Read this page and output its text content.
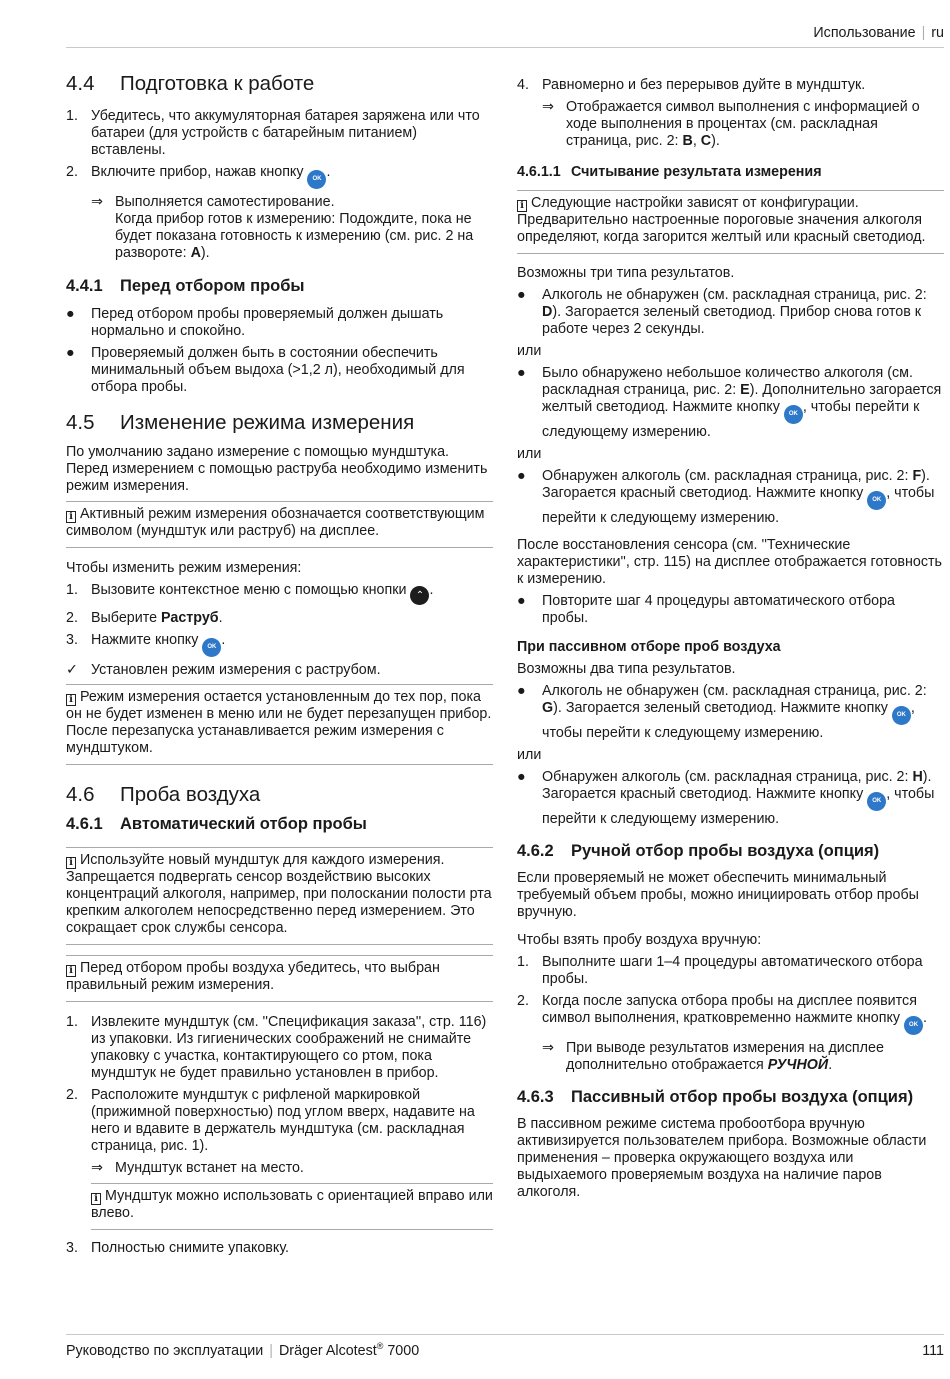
Использование | ru
4.4	Подготовка к работе
1. Убедитесь, что аккумуляторная батарея заряжена или что батареи (для устройств с батарейным питанием) вставлены.
2. Включите прибор, нажав кнопку OK .
⇒ Выполняется самотестирование.
Когда прибор готов к измерению: Подождите, пока не будет показана готовность к измерению (см. рис. 2 на развороте: A).
4.4.1	Перед отбором пробы
●	Перед отбором пробы проверяемый должен дышать нормально и спокойно.
●	Проверяемый должен быть в состоянии обеспечить минимальный объем выдоха (>1,2 л), необходимый для отбора пробы.
4.5	Изменение режима измерения

По умолчанию задано измерение с помощью мундштука. Перед измерением с помощью раструба необходимо изменить режим измерения.

i Активный режим измерения обозначается соответствующим символом (мундштук или раструб) на дисплее.

Чтобы изменить режим измерения:

1. Вызовите контекстное меню с помощью кнопки ⌃ .
2. Выберите Раструб.
3. Нажмите кнопку OK .
✓ Установлен режим измерения с раструбом.
i Режим измерения остается установленным до тех пор, пока он не будет изменен в меню или не будет перезапущен прибор. После перезапуска устанавливается режим измерения с мундштуком.
4.6	Проба воздуха
4.6.1	Автоматический отбор пробы
i Используйте новый мундштук для каждого измерения. Запрещается подвергать сенсор воздействию высоких концентраций алкоголя, например, при полоскании полости рта крепким алкоголем непосредственно перед измерением. Это сокращает срок службы сенсора.
i Перед отбором пробы воздуха убедитесь, что выбран правильный режим измерения.
1. Извлеките мундштук (см. ''Спецификация заказа'', стр. 116) из упаковки. Из гигиенических соображений не снимайте упаковку с участка, контактирующего со ртом, пока мундштук не будет правильно установлен в прибор.
2. Расположите мундштук с рифленой маркировкой (прижимной поверхностью) под углом вверх, надавите на него и вдавите в держатель мундштука (см. раскладная страница, рис. 1).
⇒ Мундштук встанет на место.
i Мундштук можно использовать с ориентацией вправо или влево.
3. Полностью снимите упаковку.
4. Равномерно и без перерывов дуйте в мундштук.
⇒ Отображается символ выполнения с информацией о ходе выполнения в процентах (см. раскладная страница, рис. 2: B, C).
4.6.1.1 Считывание результата измерения
i Следующие настройки зависят от конфигурации. Предварительно настроенные пороговые значения алкоголя определяют, когда загорится желтый или красный светодиод.

Возможны три типа результатов.

●	Алкоголь не обнаружен (см. раскладная страница, рис. 2: D). Загорается зеленый светодиод. Прибор снова готов к работе через 2 секунды.

или

●	Было обнаружено небольшое количество алкоголя (см. раскладная страница, рис. 2: E). Дополнительно загорается желтый светодиод. Нажмите кнопку OK , чтобы перейти к следующему измерению.

или

●	Обнаружен алкоголь (см. раскладная страница, рис. 2: F). Загорается красный светодиод. Нажмите кнопку OK , чтобы перейти к следующему измерению.

После восстановления сенсора (см. ''Технические характеристики'', стр. 115) на дисплее отображается готовность к измерению.

●	Повторите шаг 4 процедуры автоматического отбора пробы.
При пассивном отборе проб воздуха

Возможны два типа результатов.

●	Алкоголь не обнаружен (см. раскладная страница, рис. 2: G). Загорается зеленый светодиод. Нажмите кнопку OK , чтобы перейти к следующему измерению.

или

●	Обнаружен алкоголь (см. раскладная страница, рис. 2: H). Загорается красный светодиод. Нажмите кнопку OK , чтобы перейти к следующему измерению.
4.6.2	Ручной отбор пробы воздуха (опция)

Если проверяемый не может обеспечить минимальный требуемый объем пробы, можно инициировать отбор пробы вручную.

Чтобы взять пробу воздуха вручную:

1. Выполните шаги 1–4 процедуры автоматического отбора пробы.
2. Когда после запуска отбора пробы на дисплее появится символ выполнения, кратковременно нажмите кнопку OK .
⇒ При выводе результатов измерения на дисплее дополнительно отображается РУЧНОЙ.
4.6.3	Пассивный отбор пробы воздуха (опция)

В пассивном режиме система пробоотбора вручную активизируется пользователем прибора. Возможные области применения – проверка окружающего воздуха или выдыхаемого проверяемым воздуха на наличие паров алкоголя.

Руководство по эксплуатации | Dräger Alcotest® 7000	111
